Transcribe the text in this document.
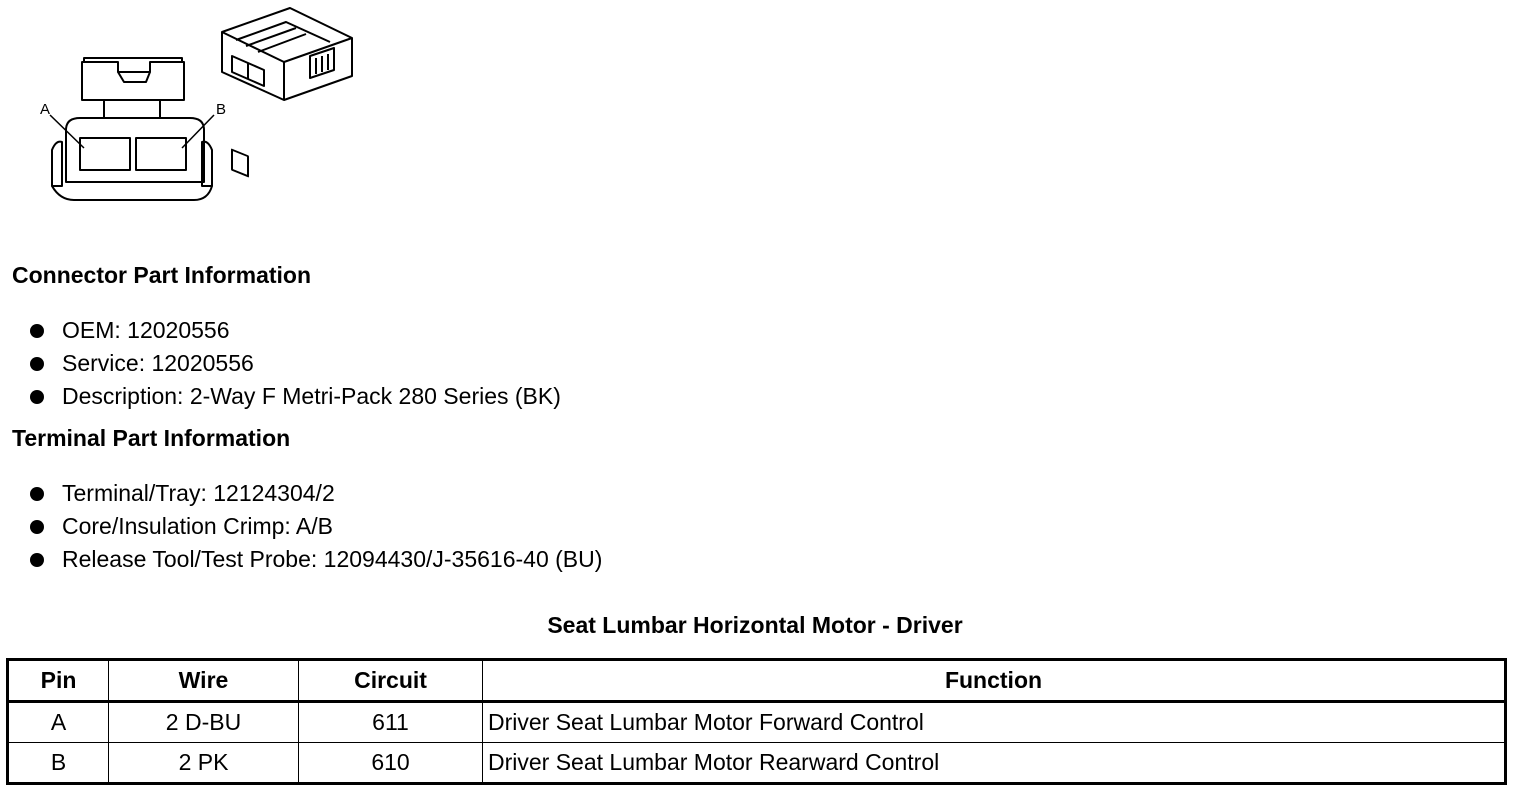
A	B
Connector Part Information
OEM: 12020556
Service: 12020556
Description: 2-Way F Metri-Pack 280 Series (BK)
Terminal Part Information
Terminal/Tray: 12124304/2
Core/Insulation Crimp: A/B
Release Tool/Test Probe: 12094430/J-35616-40 (BU)
Seat Lumbar Horizontal Motor - Driver
Pin	Wire	Circuit	Function
A	2 D-BU	611	Driver Seat Lumbar Motor Forward Control
B	2 PK	610	Driver Seat Lumbar Motor Rearward Control
